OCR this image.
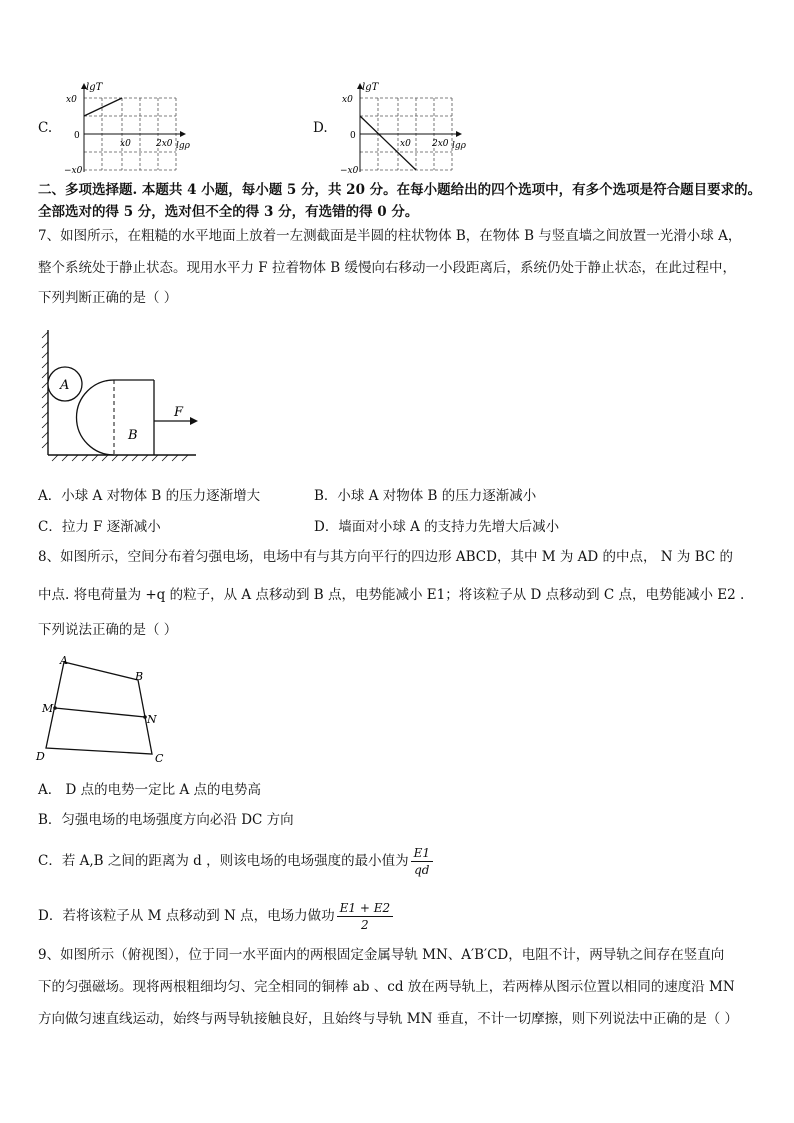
C.
lgT
x0
0
−x0
x0	2x0 lgρ
D.
lgT
x0
0
−x0
x0 2x0 lgρ
二、多项选择题. 本题共 4 小题，每小题 5 分，共 20 分。在每小题给出的四个选项中，有多个选项是符合题目要求的。
全部选对的得 5 分，选对但不全的得 3 分，有选错的得 0 分。
7、如图所示，在粗糙的水平地面上放着一左测截面是半圆的柱状物体 B，在物体 B 与竖直墙之间放置一光滑小球 A，
整个系统处于静止状态。现用水平力 F 拉着物体 B 缓慢向右移动一小段距离后，系统仍处于静止状态，在此过程中，
下列判断正确的是（ ）
A
B
F
A．小球 A 对物体 B 的压力逐渐增大	B．小球 A 对物体 B 的压力逐渐减小
C．拉力 F 逐渐减小	D．墙面对小球 A 的支持力先增大后减小
8、如图所示，空间分布着匀强电场，电场中有与其方向平行的四边形 ABCD，其中 M 为 AD 的中点， N 为 BC 的
中点. 将电荷量为 +q 的粒子，从 A 点移动到 B 点，电势能减小 E1；将该粒子从 D 点移动到 C 点，电势能减小 E2 .
下列说法正确的是（ ）
A
B
C
D
M
N
A． D 点的电势一定比 A 点的电势高
B．匀强电场的电场强度方向必沿 DC 方向
C．若 A,B 之间的距离为 d ，则该电场的电场强度的最小值为 $\frac{E1}{qd}$
D．若将该粒子从 M 点移动到 N 点，电场力做功 $\frac{E1 + E2}{2}$
9、如图所示（俯视图），位于同一水平面内的两根固定金属导轨 MN、A′B′CD，电阻不计，两导轨之间存在竖直向
下的匀强磁场。现将两根粗细均匀、完全相同的铜棒 ab 、cd 放在两导轨上，若两棒从图示位置以相同的速度沿 MN
方向做匀速直线运动，始终与两导轨接触良好，且始终与导轨 MN 垂直，不计一切摩擦，则下列说法中正确的是（ ）
